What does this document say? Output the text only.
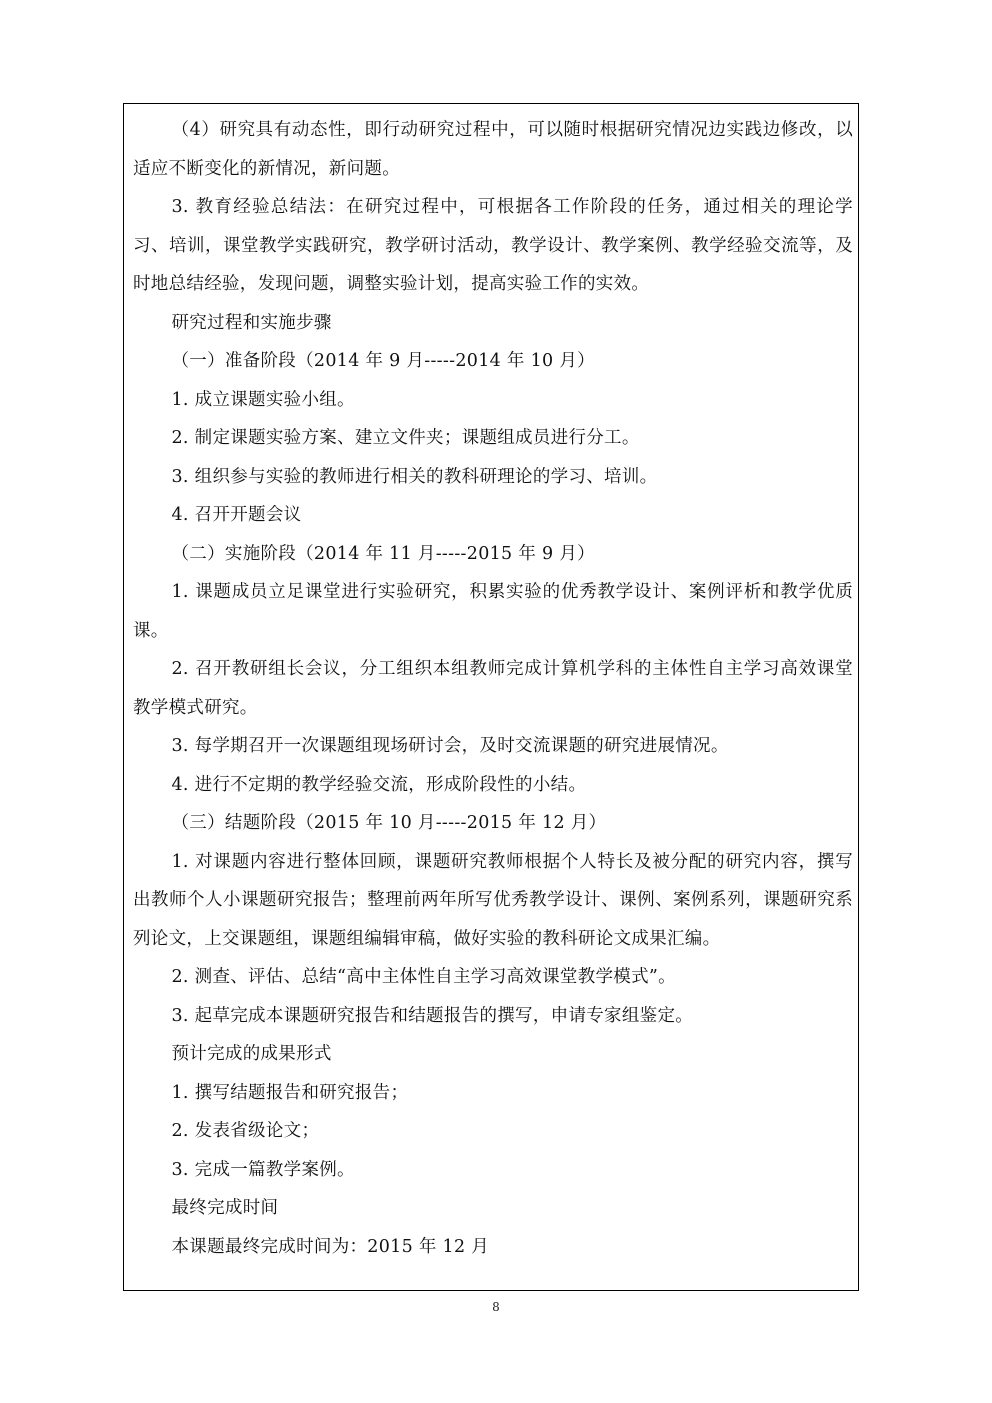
（4）研究具有动态性，即行动研究过程中，可以随时根据研究情况边实践边修改，以适应不断变化的新情况，新问题。

3. 教育经验总结法：在研究过程中，可根据各工作阶段的任务，通过相关的理论学习、培训，课堂教学实践研究，教学研讨活动，教学设计、教学案例、教学经验交流等，及时地总结经验，发现问题，调整实验计划，提高实验工作的实效。

研究过程和实施步骤

（一）准备阶段（2014 年 9 月-----2014 年 10 月）

1. 成立课题实验小组。

2. 制定课题实验方案、建立文件夹；课题组成员进行分工。

3. 组织参与实验的教师进行相关的教科研理论的学习、培训。

4. 召开开题会议

（二）实施阶段（2014 年 11 月-----2015 年 9 月）

1. 课题成员立足课堂进行实验研究，积累实验的优秀教学设计、案例评析和教学优质课。

2. 召开教研组长会议，分工组织本组教师完成计算机学科的主体性自主学习高效课堂教学模式研究。

3. 每学期召开一次课题组现场研讨会，及时交流课题的研究进展情况。

4. 进行不定期的教学经验交流，形成阶段性的小结。

（三）结题阶段（2015 年 10 月-----2015 年 12 月）

1. 对课题内容进行整体回顾，课题研究教师根据个人特长及被分配的研究内容，撰写出教师个人小课题研究报告；整理前两年所写优秀教学设计、课例、案例系列，课题研究系列论文，上交课题组，课题组编辑审稿，做好实验的教科研论文成果汇编。

2. 测查、评估、总结“高中主体性自主学习高效课堂教学模式”。

3. 起草完成本课题研究报告和结题报告的撰写，申请专家组鉴定。

预计完成的成果形式

1. 撰写结题报告和研究报告；

2. 发表省级论文；

3. 完成一篇教学案例。

最终完成时间

本课题最终完成时间为：2015 年 12 月

8
